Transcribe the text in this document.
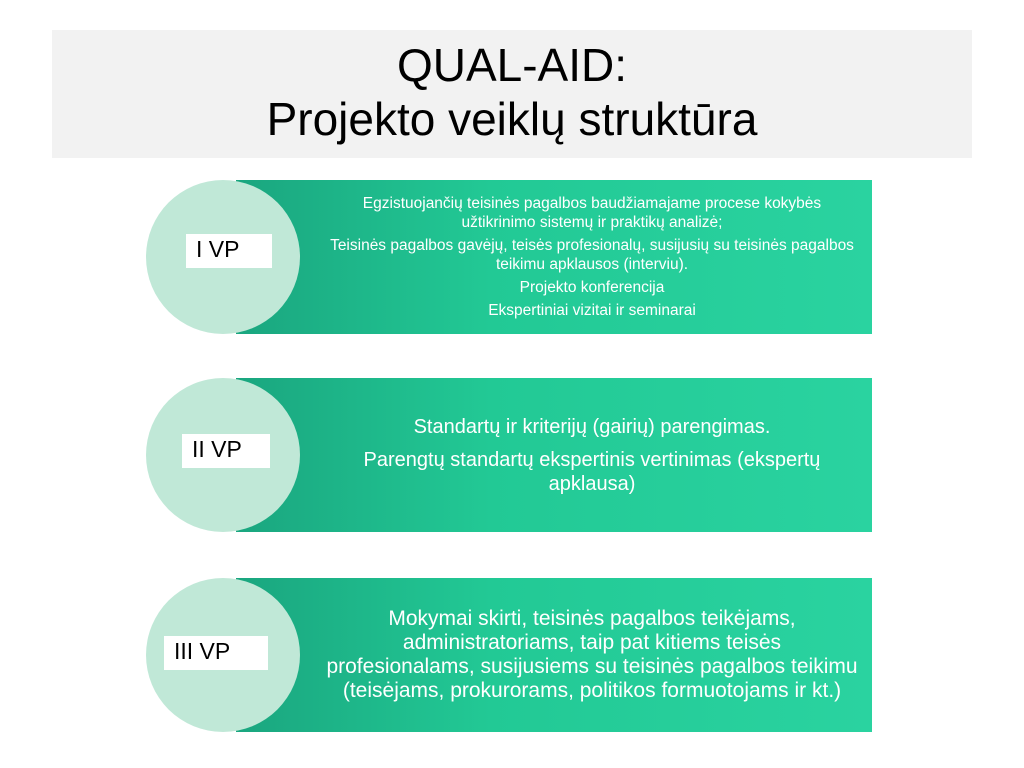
QUAL-AID:
Projekto veiklų struktūra
I VP

Egzistuojančių teisinės pagalbos baudžiamajame procese kokybės užtikrinimo sistemų ir praktikų analizė;

Teisinės pagalbos gavėjų, teisės profesionalų, susijusių su teisinės pagalbos teikimu apklausos (interviu).

Projekto konferencija

Ekspertiniai vizitai ir seminarai

II VP

Standartų ir kriterijų (gairių) parengimas.

Parengtų standartų ekspertinis vertinimas (ekspertų apklausa)

III VP

Mokymai skirti, teisinės pagalbos teikėjams, administratoriams, taip pat kitiems teisės profesionalams, susijusiems su teisinės pagalbos teikimu (teisėjams, prokurorams, politikos formuotojams ir kt.)
